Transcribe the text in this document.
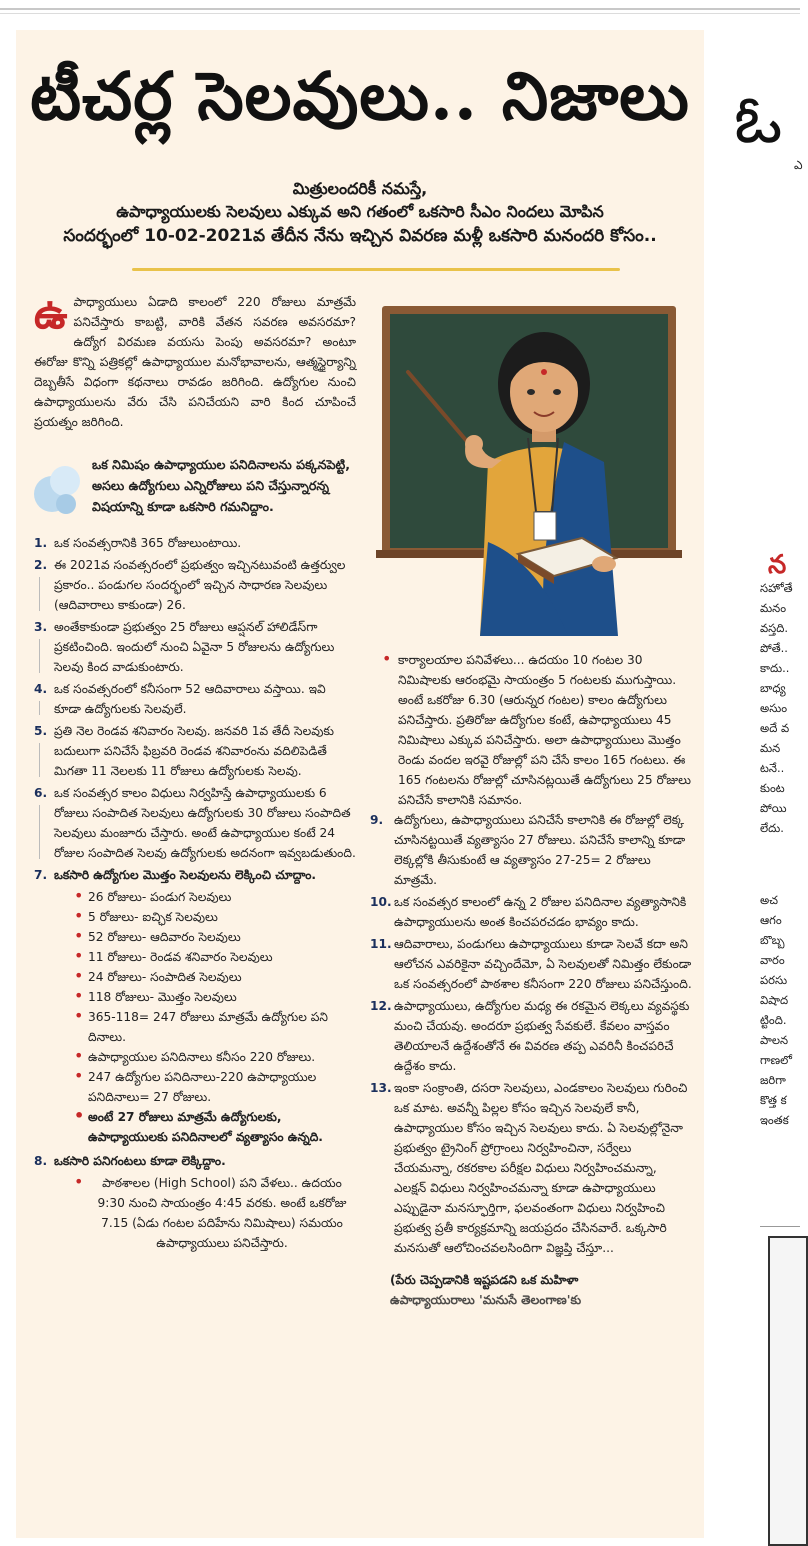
టీచర్ల సెలవులు.. నిజాలు
మిత్రులందరికీ నమస్తే,
ఉపాధ్యాయులకు సెలవులు ఎక్కువ అని గతంలో ఒకసారి సీఎం నిందలు మోపిన
సందర్భంలో 10-02-2021వ తేదీన నేను ఇచ్చిన వివరణ మళ్లీ ఒకసారి మనందరి కోసం..
ఉ పాధ్యాయులు ఏడాది కాలంలో 220 రోజులు మాత్రమే పనిచేస్తారు కాబట్టి, వారికి వేతన సవరణ అవసరమా? ఉద్యోగ విరమణ వయసు పెంపు అవసరమా? అంటూ ఈరోజు కొన్ని పత్రికల్లో ఉపాధ్యాయుల మనోభావాలను, ఆత్మస్థైర్యాన్ని దెబ్బతీసే విధంగా కథనాలు రావడం జరిగింది. ఉద్యోగుల నుంచి ఉపాధ్యాయులను వేరు చేసి పనిచేయని వారి కింద చూపించే ప్రయత్నం జరిగింది.

ఒక నిమిషం ఉపాధ్యాయుల పనిదినాలను పక్కనపెట్టి, అసలు ఉద్యోగులు ఎన్నిరోజులు పని చేస్తున్నారన్న విషయాన్ని కూడా ఒకసారి గమనిద్దాం.
1. ఒక సంవత్సరానికి 365 రోజులుంటాయి.
2. ఈ 2021వ సంవత్సరంలో ప్రభుత్వం ఇచ్చినటువంటి ఉత్తర్వుల ప్రకారం.. పండుగల సందర్భంలో ఇచ్చిన సాధారణ సెలవులు (ఆదివారాలు కాకుండా) 26.
3. అంతేకాకుండా ప్రభుత్వం 25 రోజులు ఆప్షనల్ హాలిడేస్‌గా ప్రకటించింది. ఇందులో నుంచి ఏవైనా 5 రోజులను ఉద్యోగులు సెలవు కింద వాడుకుంటారు.
4. ఒక సంవత్సరంలో కనీసంగా 52 ఆదివారాలు వస్తాయి. ఇవి కూడా ఉద్యోగులకు సెలవులే.
5. ప్రతి నెల రెండవ శనివారం సెలవు. జనవరి 1వ తేదీ సెలవుకు బదులుగా పనిచేసే ఫిబ్రవరి రెండవ శనివారంను వదిలిపెడితే మిగతా 11 నెలలకు 11 రోజులు ఉద్యోగులకు సెలవు.
6. ఒక సంవత్సర కాలం విధులు నిర్వహిస్తే ఉపాధ్యాయులకు 6 రోజులు సంపాదిత సెలవులు ఉద్యోగులకు 30 రోజులు సంపాదిత సెలవులు మంజూరు చేస్తారు. అంటే ఉపాధ్యాయుల కంటే 24 రోజుల సంపాదిత సెలవు ఉద్యోగులకు అదనంగా ఇవ్వబడుతుంది.
7. ఒకసారి ఉద్యోగుల మొత్తం సెలవులను లెక్కించి చూద్దాం.
• 26 రోజులు- పండుగ సెలవులు
• 5 రోజులు- ఐచ్ఛిక సెలవులు
• 52 రోజులు- ఆదివారం సెలవులు
• 11 రోజులు- రెండవ శనివారం సెలవులు
• 24 రోజులు- సంపాదిత సెలవులు
• 118 రోజులు- మొత్తం సెలవులు
• 365-118= 247 రోజులు మాత్రమే ఉద్యోగుల పని దినాలు.
• ఉపాధ్యాయుల పనిదినాలు కనీసం 220 రోజులు.
• 247 ఉద్యోగుల పనిదినాలు-220 ఉపాధ్యాయుల పనిదినాలు= 27 రోజులు.
• అంటే 27 రోజులు మాత్రమే ఉద్యోగులకు, ఉపాధ్యాయులకు పనిదినాలలో వ్యత్యాసం ఉన్నది.
8. ఒకసారి పనిగంటలు కూడా లెక్కిద్దాం.
• పాఠశాలల (High School) పని వేళలు.. ఉదయం 9:30 నుంచి సాయంత్రం 4:45 వరకు. అంటే ఒకరోజు 7.15 (ఏడు గంటల పదిహేను నిమిషాలు) సమయం ఉపాధ్యాయులు పనిచేస్తారు.
• కార్యాలయాల పనివేళలు... ఉదయం 10 గంటల 30 నిమిషాలకు ఆరంభమై సాయంత్రం 5 గంటలకు ముగుస్తాయి. అంటే ఒకరోజు 6.30 (ఆరున్నర గంటల) కాలం ఉద్యోగులు పనిచేస్తారు. ప్రతిరోజు ఉద్యోగుల కంటే, ఉపాధ్యాయులు 45 నిమిషాలు ఎక్కువ పనిచేస్తారు. అలా ఉపాధ్యాయులు మొత్తం రెండు వందల ఇరవై రోజుల్లో పని చేసే కాలం 165 గంటలు. ఈ 165 గంటలను రోజుల్లో చూసినట్లయితే ఉద్యోగులు 25 రోజులు పనిచేసే కాలానికి సమానం.
9. ఉద్యోగులు, ఉపాధ్యాయులు పనిచేసే కాలానికి ఈ రోజుల్లో లెక్క చూసినట్టయితే వ్యత్యాసం 27 రోజులు. పనిచేసే కాలాన్ని కూడా లెక్కల్లోకి తీసుకుంటే ఆ వ్యత్యాసం 27-25= 2 రోజులు మాత్రమే.
10. ఒక సంవత్సర కాలంలో ఉన్న 2 రోజుల పనిదినాల వ్యత్యాసానికి ఉపాధ్యాయులను అంత కించపరచడం భావ్యం కాదు.
11. ఆదివారాలు, పండుగలు ఉపాధ్యాయులు కూడా సెలవే కదా అని ఆలోచన ఎవరికైనా వచ్చిందేమో, ఏ సెలవులతో నిమిత్తం లేకుండా ఒక సంవత్సరంలో పాఠశాల కనీసంగా 220 రోజులు పనిచేస్తుంది.
12. ఉపాధ్యాయులు, ఉద్యోగుల మధ్య ఈ రకమైన లెక్కలు వ్యవస్థకు మంచి చేయవు. అందరూ ప్రభుత్వ సేవకులే. కేవలం వాస్తవం తెలియాలనే ఉద్దేశంతోనే ఈ వివరణ తప్ప ఎవరినీ కించపరిచే ఉద్దేశం కాదు.
13. ఇంకా సంక్రాంతి, దసరా సెలవులు, ఎండకాలం సెలవులు గురించి ఒక మాట. అవన్నీ పిల్లల కోసం ఇచ్చిన సెలవులే కానీ, ఉపాధ్యాయుల కోసం ఇచ్చిన సెలవులు కాదు. ఏ సెలవుల్లోనైనా ప్రభుత్వం ట్రైనింగ్ ప్రోగ్రాంలు నిర్వహించినా, సర్వేలు చేయమన్నా, రకరకాల పరీక్షల విధులు నిర్వహించమన్నా, ఎలక్షన్ విధులు నిర్వహించమన్నా కూడా ఉపాధ్యాయులు ఎప్పుడైనా మనస్ఫూర్తిగా, ఫలవంతంగా విధులు నిర్వహించి ప్రభుత్వ ప్రతీ కార్యక్రమాన్ని జయప్రదం చేసినవారే. ఒక్కసారి మనసుతో ఆలోచించవలసిందిగా విజ్ఞప్తి చేస్తూ...
(పేరు చెప్పడానికి ఇష్టపడని ఒక మహిళా
ఉపాధ్యాయురాలు 'మనుసే తెలంగాణ'కు
ఓ
ఎ
న
సహోతే
మనం
వస్తది.
పోతే..
కాదు..
బాధ్య
అసుం
అదే వ
మన
టనే..
కుంట
పోయి
లేదు.
అచ
ఆగం
బొబ్బ
వారం
పరసు
విషాద
ట్టింది.
పాలన
గాణలో
జరిగా
కొత్త క
ఇంతక
